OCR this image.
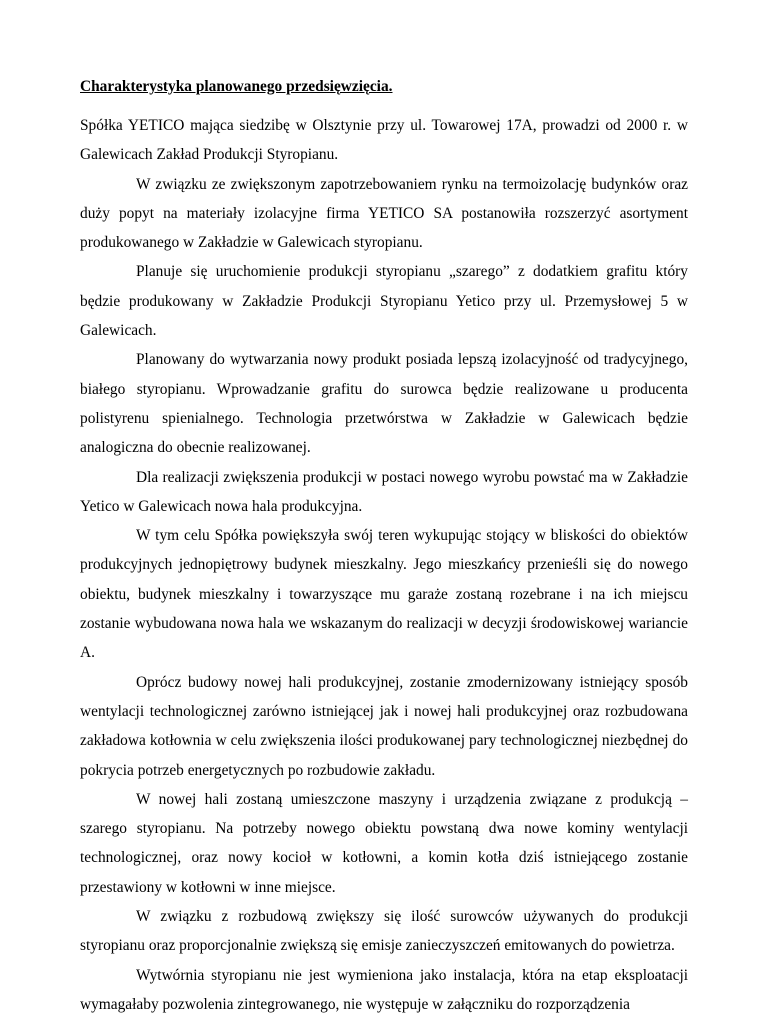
Charakterystyka planowanego przedsięwzięcia.

Spółka YETICO mająca siedzibę w Olsztynie przy ul. Towarowej 17A, prowadzi od 2000 r. w Galewicach Zakład Produkcji Styropianu.

W związku ze zwiększonym zapotrzebowaniem rynku na termoizolację budynków oraz duży popyt na materiały izolacyjne firma YETICO SA postanowiła rozszerzyć asortyment produkowanego w Zakładzie w Galewicach styropianu.

Planuje się uruchomienie produkcji styropianu „szarego” z dodatkiem grafitu który będzie produkowany w Zakładzie Produkcji Styropianu Yetico przy ul. Przemysłowej 5 w Galewicach.

Planowany do wytwarzania nowy produkt posiada lepszą izolacyjność od tradycyjnego, białego styropianu. Wprowadzanie grafitu do surowca będzie realizowane u producenta polistyrenu spienialnego. Technologia przetwórstwa w Zakładzie w Galewicach będzie analogiczna do obecnie realizowanej.

Dla realizacji zwiększenia produkcji w postaci nowego wyrobu powstać ma w Zakładzie Yetico w Galewicach nowa hala produkcyjna.

W tym celu Spółka powiększyła swój teren wykupując stojący w bliskości do obiektów produkcyjnych jednopiętrowy budynek mieszkalny. Jego mieszkańcy przenieśli się do nowego obiektu, budynek mieszkalny i towarzyszące mu garaże zostaną rozebrane i na ich miejscu zostanie wybudowana nowa hala we wskazanym do realizacji w decyzji środowiskowej wariancie A.

Oprócz budowy nowej hali produkcyjnej, zostanie zmodernizowany istniejący sposób wentylacji technologicznej zarówno istniejącej jak i nowej hali produkcyjnej oraz rozbudowana zakładowa kotłownia w celu zwiększenia ilości produkowanej pary technologicznej niezbędnej do pokrycia potrzeb energetycznych po rozbudowie zakładu.

W nowej hali zostaną umieszczone maszyny i urządzenia związane z produkcją – szarego styropianu. Na potrzeby nowego obiektu powstaną dwa nowe kominy wentylacji technologicznej, oraz nowy kocioł w kotłowni, a komin kotła dziś istniejącego zostanie przestawiony w kotłowni w inne miejsce.

W związku z rozbudową zwiększy się ilość surowców używanych do produkcji styropianu oraz proporcjonalnie zwiększą się emisje zanieczyszczeń emitowanych do powietrza.

Wytwórnia styropianu nie jest wymieniona jako instalacja, która na etap eksploatacji wymagałaby pozwolenia zintegrowanego, nie występuje w załączniku do rozporządzenia
